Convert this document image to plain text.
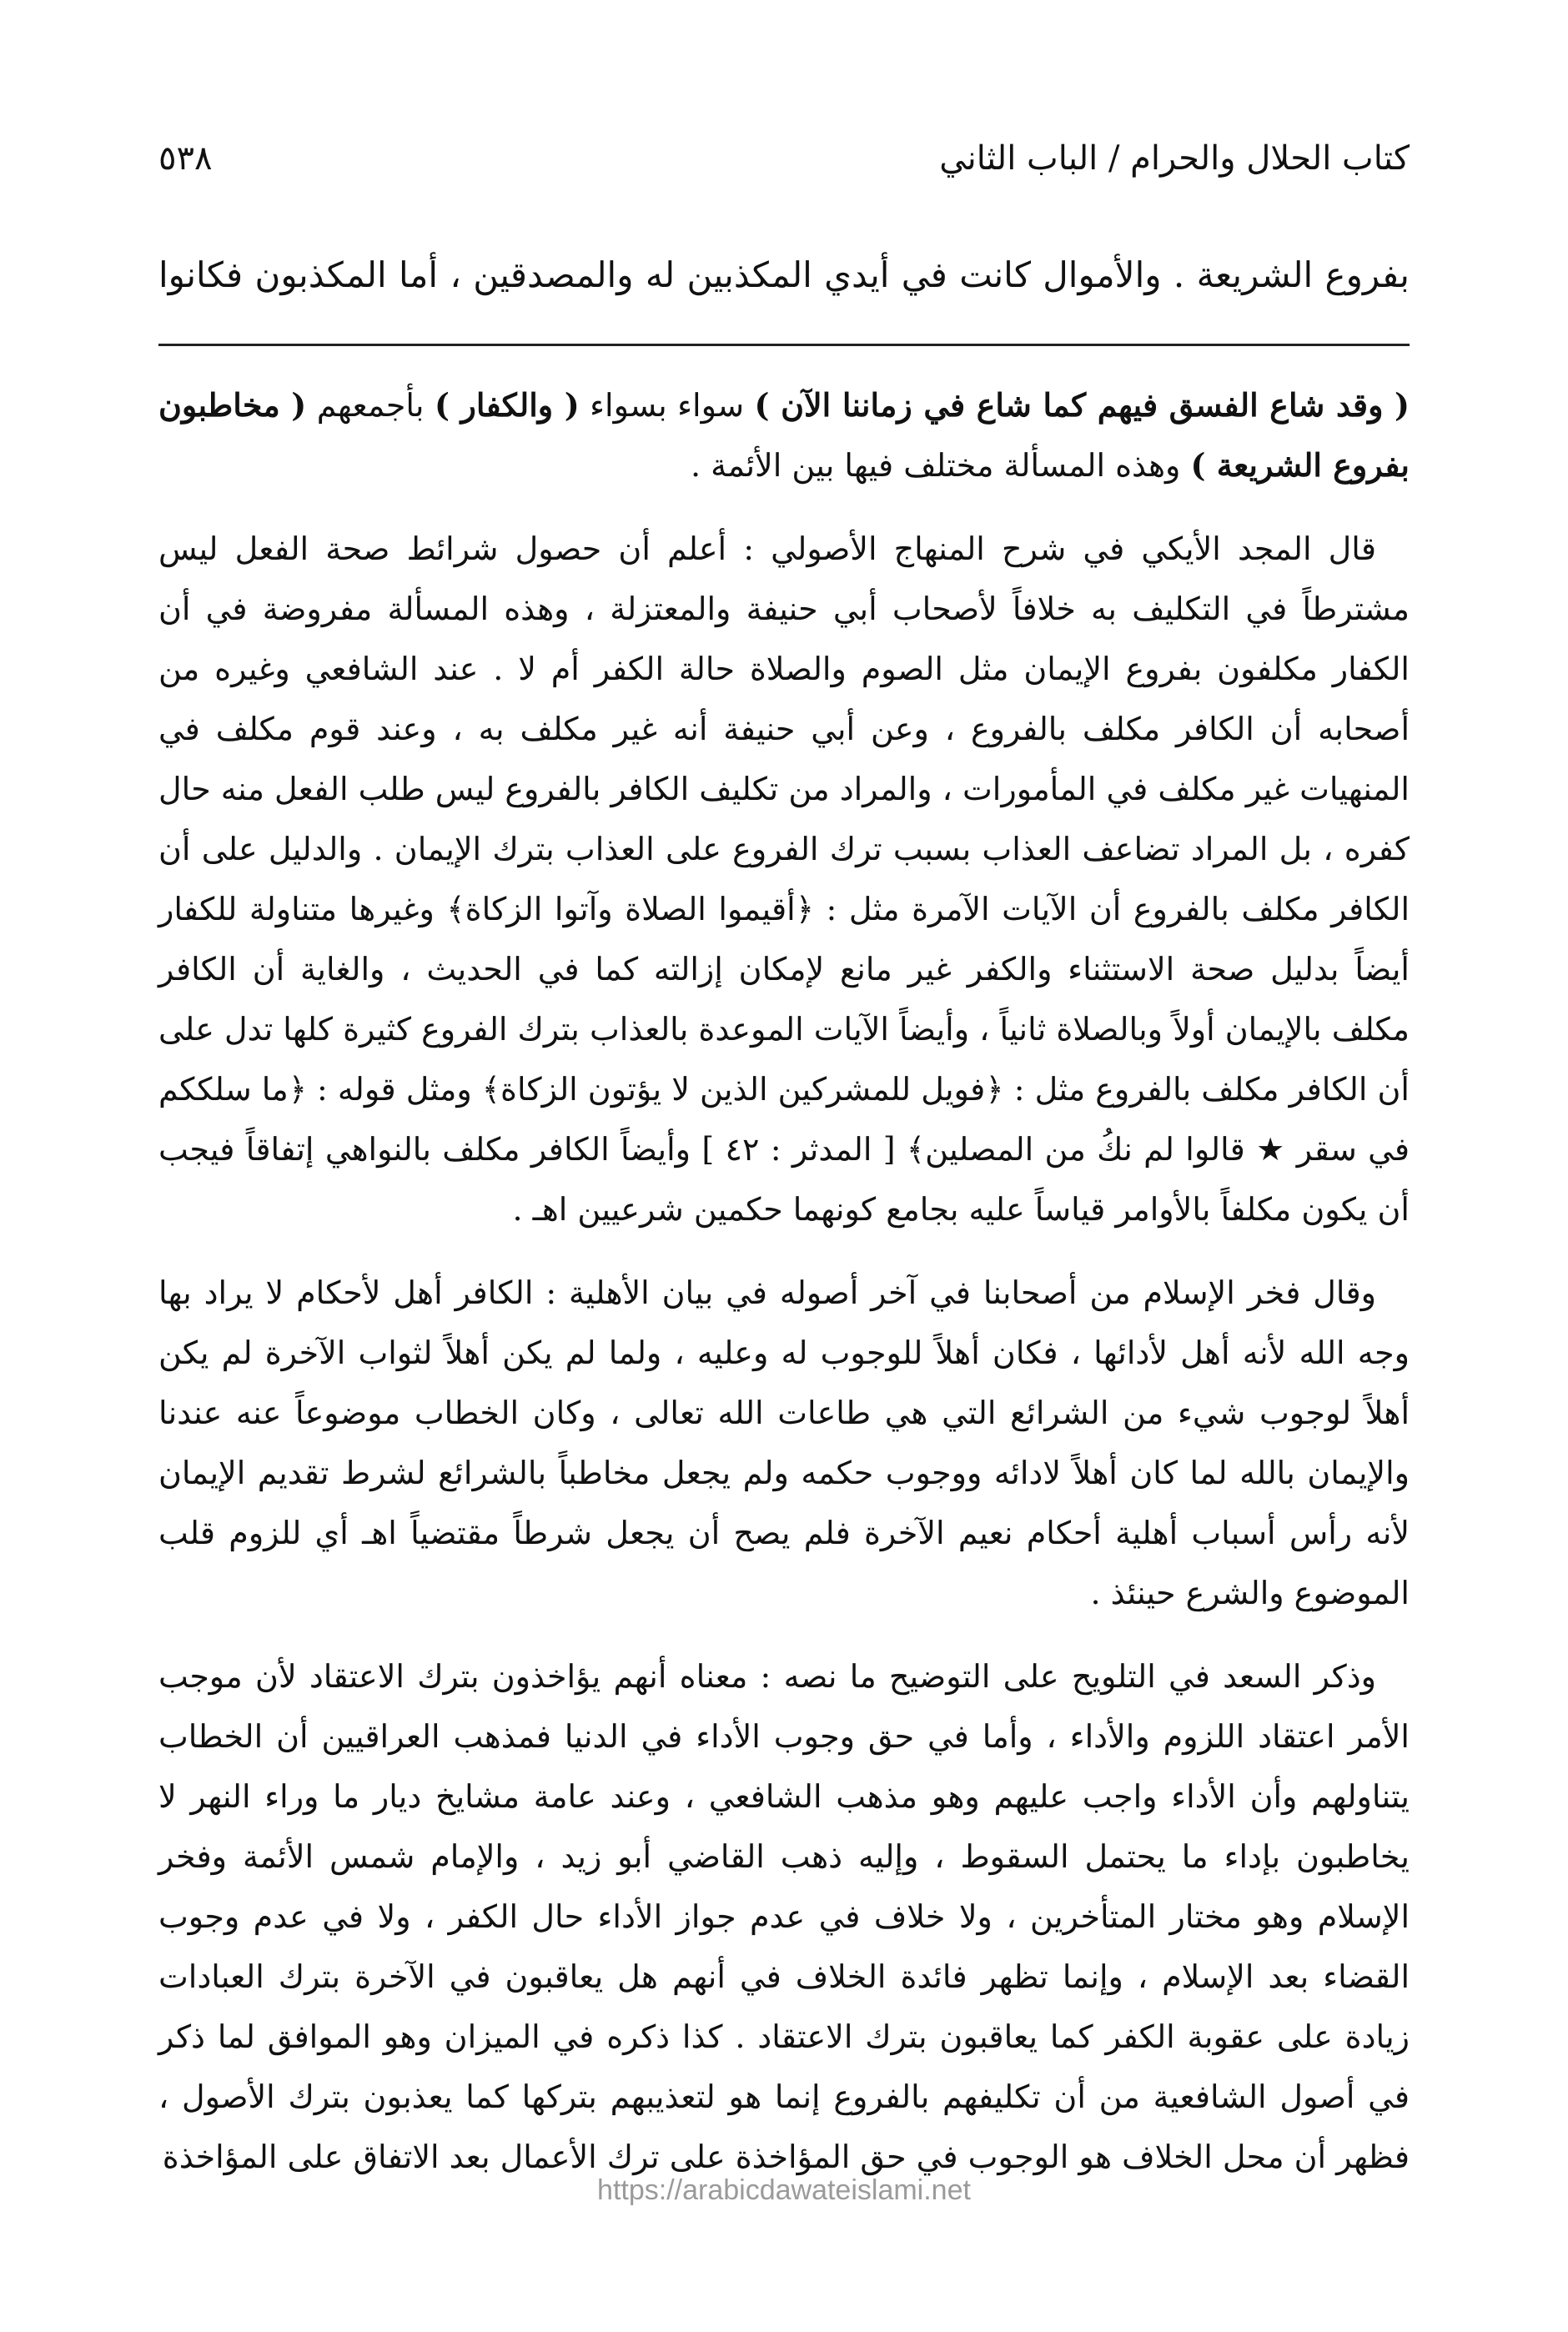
كتاب الحلال والحرام / الباب الثاني
٥٣٨
بفروع الشريعة . والأموال كانت في أيدي المكذبين له والمصدقين ، أما المكذبون فكانوا

( وقد شاع الفسق فيهم كما شاع في زماننا الآن ) سواء بسواء ( والكفار ) بأجمعهم ( مخاطبون بفروع الشريعة ) وهذه المسألة مختلف فيها بين الأئمة .

قال المجد الأيكي في شرح المنهاج الأصولي : أعلم أن حصول شرائط صحة الفعل ليس مشترطاً في التكليف به خلافاً لأصحاب أبي حنيفة والمعتزلة ، وهذه المسألة مفروضة في أن الكفار مكلفون بفروع الإيمان مثل الصوم والصلاة حالة الكفر أم لا . عند الشافعي وغيره من أصحابه أن الكافر مكلف بالفروع ، وعن أبي حنيفة أنه غير مكلف به ، وعند قوم مكلف في المنهيات غير مكلف في المأمورات ، والمراد من تكليف الكافر بالفروع ليس طلب الفعل منه حال كفره ، بل المراد تضاعف العذاب بسبب ترك الفروع على العذاب بترك الإيمان . والدليل على أن الكافر مكلف بالفروع أن الآيات الآمرة مثل : ﴿أقيموا الصلاة وآتوا الزكاة﴾ وغيرها متناولة للكفار أيضاً بدليل صحة الاستثناء والكفر غير مانع لإمكان إزالته كما في الحديث ، والغاية أن الكافر مكلف بالإيمان أولاً وبالصلاة ثانياً ، وأيضاً الآيات الموعدة بالعذاب بترك الفروع كثيرة كلها تدل على أن الكافر مكلف بالفروع مثل : ﴿فويل للمشركين الذين لا يؤتون الزكاة﴾ ومثل قوله : ﴿ما سلككم في سقر ★ قالوا لم نكُ من المصلين﴾ [ المدثر : ٤٢ ] وأيضاً الكافر مكلف بالنواهي إتفاقاً فيجب أن يكون مكلفاً بالأوامر قياساً عليه بجامع كونهما حكمين شرعيين اهـ .

وقال فخر الإسلام من أصحابنا في آخر أصوله في بيان الأهلية : الكافر أهل لأحكام لا يراد بها وجه الله لأنه أهل لأدائها ، فكان أهلاً للوجوب له وعليه ، ولما لم يكن أهلاً لثواب الآخرة لم يكن أهلاً لوجوب شيء من الشرائع التي هي طاعات الله تعالى ، وكان الخطاب موضوعاً عنه عندنا والإيمان بالله لما كان أهلاً لادائه ووجوب حكمه ولم يجعل مخاطباً بالشرائع لشرط تقديم الإيمان لأنه رأس أسباب أهلية أحكام نعيم الآخرة فلم يصح أن يجعل شرطاً مقتضياً اهـ أي للزوم قلب الموضوع والشرع حينئذ .

وذكر السعد في التلويح على التوضيح ما نصه : معناه أنهم يؤاخذون بترك الاعتقاد لأن موجب الأمر اعتقاد اللزوم والأداء ، وأما في حق وجوب الأداء في الدنيا فمذهب العراقيين أن الخطاب يتناولهم وأن الأداء واجب عليهم وهو مذهب الشافعي ، وعند عامة مشايخ ديار ما وراء النهر لا يخاطبون بإداء ما يحتمل السقوط ، وإليه ذهب القاضي أبو زيد ، والإمام شمس الأئمة وفخر الإسلام وهو مختار المتأخرين ، ولا خلاف في عدم جواز الأداء حال الكفر ، ولا في عدم وجوب القضاء بعد الإسلام ، وإنما تظهر فائدة الخلاف في أنهم هل يعاقبون في الآخرة بترك العبادات زيادة على عقوبة الكفر كما يعاقبون بترك الاعتقاد . كذا ذكره في الميزان وهو الموافق لما ذكر في أصول الشافعية من أن تكليفهم بالفروع إنما هو لتعذيبهم بتركها كما يعذبون بترك الأصول ، فظهر أن محل الخلاف هو الوجوب في حق المؤاخذة على ترك الأعمال بعد الاتفاق على المؤاخذة

https://arabicdawateislami.net
